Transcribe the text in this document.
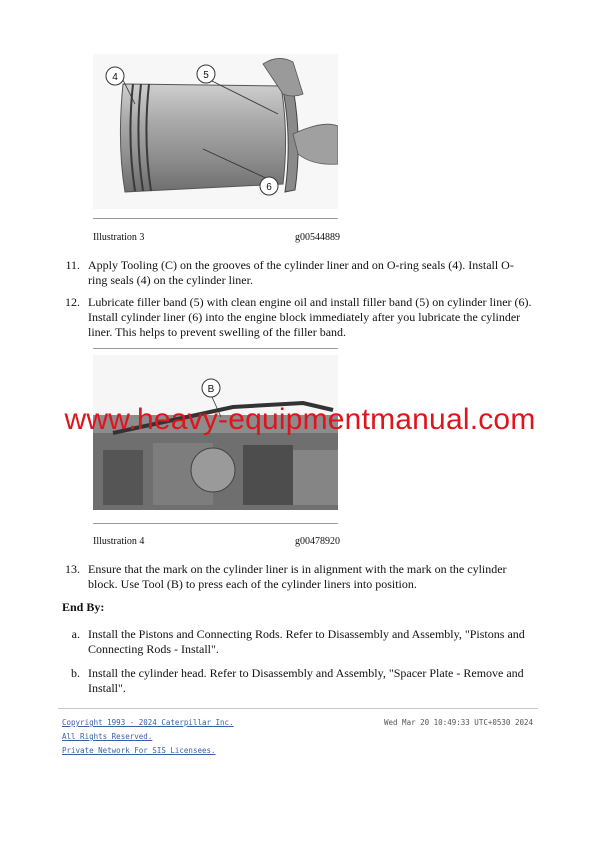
4	5
6
Illustration 3	g00544889
11. Apply Tooling (C) on the grooves of the cylinder liner and on O-ring seals (4). Install O-
ring seals (4) on the cylinder liner.
12. Lubricate filler band (5) with clean engine oil and install filler band (5) on cylinder liner (6).
Install cylinder liner (6) into the engine block immediately after you lubricate the cylinder
liner. This helps to prevent swelling of the filler band.
B
Illustration 4	g00478920
www.heavy-equipmentmanual.com
13. Ensure that the mark on the cylinder liner is in alignment with the mark on the cylinder
block. Use Tool (B) to press each of the cylinder liners into position.
End By:
a. Install the Pistons and Connecting Rods. Refer to Disassembly and Assembly, "Pistons and
Connecting Rods - Install".
b. Install the cylinder head. Refer to Disassembly and Assembly, "Spacer Plate - Remove and
Install".
Copyright 1993 - 2024 Caterpillar Inc.	Wed Mar 20 10:49:33 UTC+0530 2024
All Rights Reserved.
Private Network For SIS Licensees.
